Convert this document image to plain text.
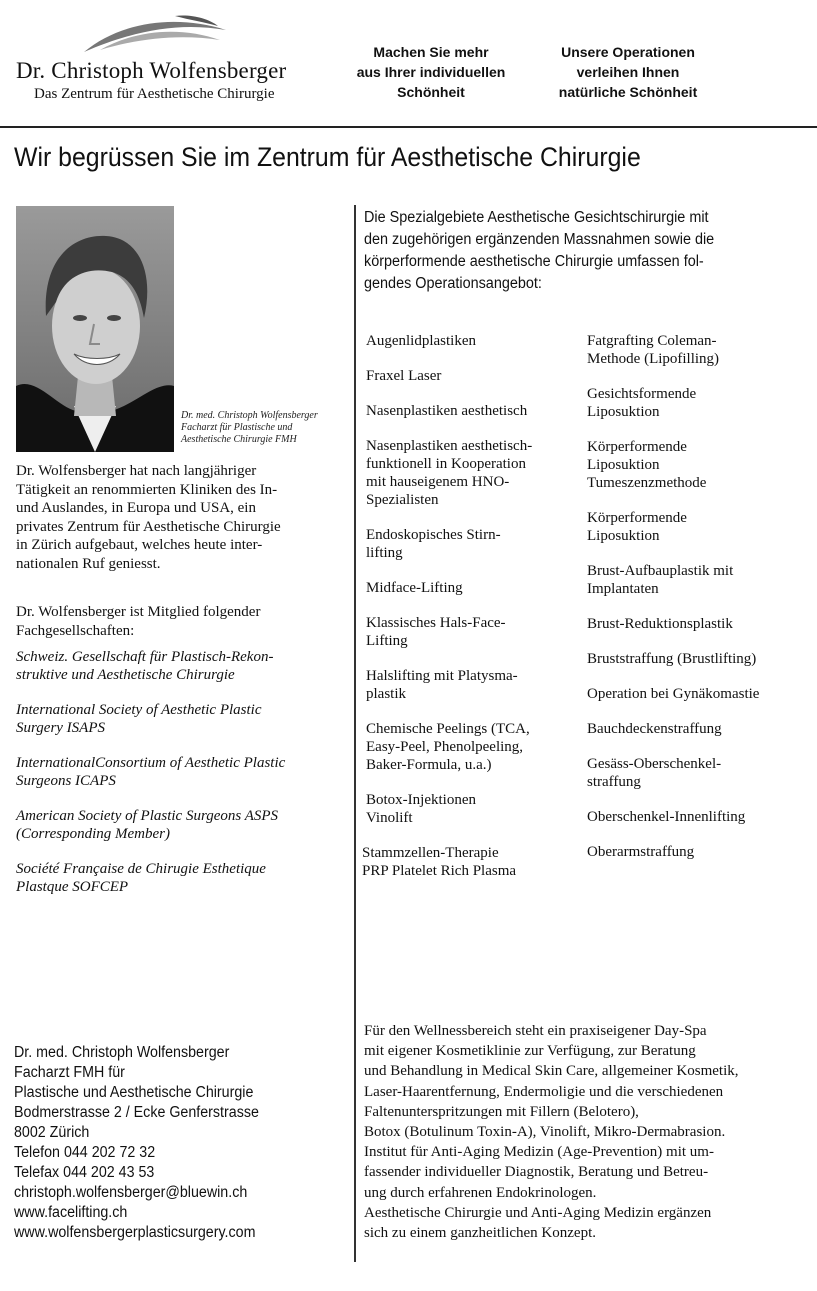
Dr. Christoph Wolfensberger
Das Zentrum für Aesthetische Chirurgie
Machen Sie mehr
aus Ihrer individuellen
Schönheit
Unsere Operationen
verleihen Ihnen
natürliche Schönheit
Wir begrüssen Sie im Zentrum für Aesthetische Chirurgie
Dr. med. Christoph Wolfensberger
Facharzt für Plastische und
Aesthetische Chirurgie FMH
Dr. Wolfensberger hat nach langjähriger
Tätigkeit an renommierten Kliniken des In-
und Auslandes, in Europa und USA, ein
privates Zentrum für Aesthetische Chirurgie
in Zürich aufgebaut, welches heute inter-
nationalen Ruf geniesst.
Dr. Wolfensberger ist Mitglied folgender
Fachgesellschaften:
Schweiz. Gesellschaft für Plastisch-Rekon-
struktive und Aesthetische Chirurgie
International Society of Aesthetic Plastic
Surgery ISAPS
InternationalConsortium of Aesthetic Plastic
Surgeons ICAPS
American Society of Plastic Surgeons ASPS
(Corresponding Member)
Société Française de Chirugie Esthetique
Plastque SOFCEP
Die Spezialgebiete Aesthetische Gesichtschirurgie mit
den zugehörigen ergänzenden Massnahmen sowie die
körperformende aesthetische Chirurgie umfassen fol-
gendes Operationsangebot:
Augenlidplastiken
Fraxel Laser
Nasenplastiken aesthetisch
Nasenplastiken aesthetisch-
funktionell in Kooperation
mit hauseigenem HNO-
Spezialisten
Endoskopisches Stirn-
lifting
Midface-Lifting
Klassisches Hals-Face-
Lifting
Halslifting mit Platysma-
plastik
Chemische Peelings (TCA,
Easy-Peel, Phenolpeeling,
Baker-Formula, u.a.)
Botox-Injektionen
Vinolift
Stammzellen-Therapie
PRP Platelet Rich Plasma
Fatgrafting Coleman-
Methode (Lipofilling)
Gesichtsformende
Liposuktion
Körperformende
Liposuktion
Tumeszenzmethode
Körperformende
Liposuktion
Brust-Aufbauplastik mit
Implantaten
Brust-Reduktionsplastik
Bruststraffung (Brustlifting)
Operation bei Gynäkomastie
Bauchdeckenstraffung
Gesäss-Oberschenkel-
straffung
Oberschenkel-Innenlifting
Oberarmstraffung
Dr. med. Christoph Wolfensberger
Facharzt FMH für
Plastische und Aesthetische Chirurgie
Bodmerstrasse 2 / Ecke Genferstrasse
8002 Zürich
Telefon 044 202 72 32
Telefax 044 202 43 53
christoph.wolfensberger@bluewin.ch
www.facelifting.ch
www.wolfensbergerplasticsurgery.com
Für den Wellnessbereich steht ein praxiseigener Day-Spa
mit eigener Kosmetiklinie zur Verfügung, zur Beratung
und Behandlung in Medical Skin Care, allgemeiner Kosmetik,
Laser-Haarentfernung, Endermoligie und die verschiedenen
Faltenunterspritzungen mit Fillern (Belotero),
Botox (Botulinum Toxin-A), Vinolift, Mikro-Dermabrasion.
Institut für Anti-Aging Medizin (Age-Prevention) mit um-
fassender individueller Diagnostik, Beratung und Betreu-
ung durch erfahrenen Endokrinologen.
Aesthetische Chirurgie und Anti-Aging Medizin ergänzen
sich zu einem ganzheitlichen Konzept.
